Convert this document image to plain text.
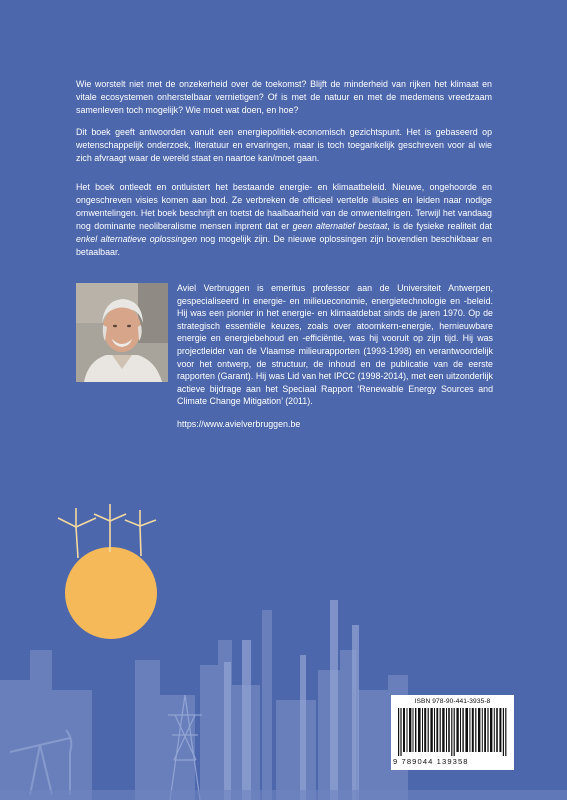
Wie worstelt niet met de onzekerheid over de toekomst? Blijft de minderheid van rijken het klimaat en vitale ecosystemen onherstelbaar vernietigen? Of is met de natuur en met de medemens vreedzaam samenleven toch mogelijk? Wie moet wat doen, en hoe?

Dit boek geeft antwoorden vanuit een energiepolitiek-economisch gezichtspunt. Het is gebaseerd op wetenschappelijk onderzoek, literatuur en ervaringen, maar is toch toegankelijk geschreven voor al wie zich afvraagt waar de wereld staat en naartoe kan/moet gaan.

Het boek ontleedt en ontluistert het bestaande energie- en klimaatbeleid. Nieuwe, ongehoorde en ongeschreven visies komen aan bod. Ze verbreken de officieel vertelde illusies en leiden naar nodige omwentelingen. Het boek beschrijft en toetst de haalbaarheid van de omwentelingen. Terwijl het vandaag nog dominante neoliberalisme mensen inprent dat er geen alternatief bestaat, is de fysieke realiteit dat enkel alternatieve oplossingen nog mogelijk zijn. De nieuwe oplossingen zijn bovendien beschikbaar en betaalbaar.

Aviel Verbruggen is emeritus professor aan de Universiteit Antwerpen, gespecialiseerd in energie- en milieueconomie, energietechnologie en -beleid. Hij was een pionier in het energie- en klimaatdebat sinds de jaren 1970. Op de strategisch essentiële keuzes, zoals over atoomkern-energie, hernieuwbare energie en energiebehoud en -efficiëntie, was hij vooruit op zijn tijd. Hij was projectleider van de Vlaamse milieurapporten (1993-1998) en verantwoordelijk voor het ontwerp, de structuur, de inhoud en de publicatie van de eerste rapporten (Garant). Hij was Lid van het IPCC (1998-2014), met een uitzonderlijk actieve bijdrage aan het Speciaal Rapport ‘Renewable Energy Sources and Climate Change Mitigation’ (2011).

https://www.avielverbruggen.be
ISBN 978-90-441-3935-8
9 789044 139358
